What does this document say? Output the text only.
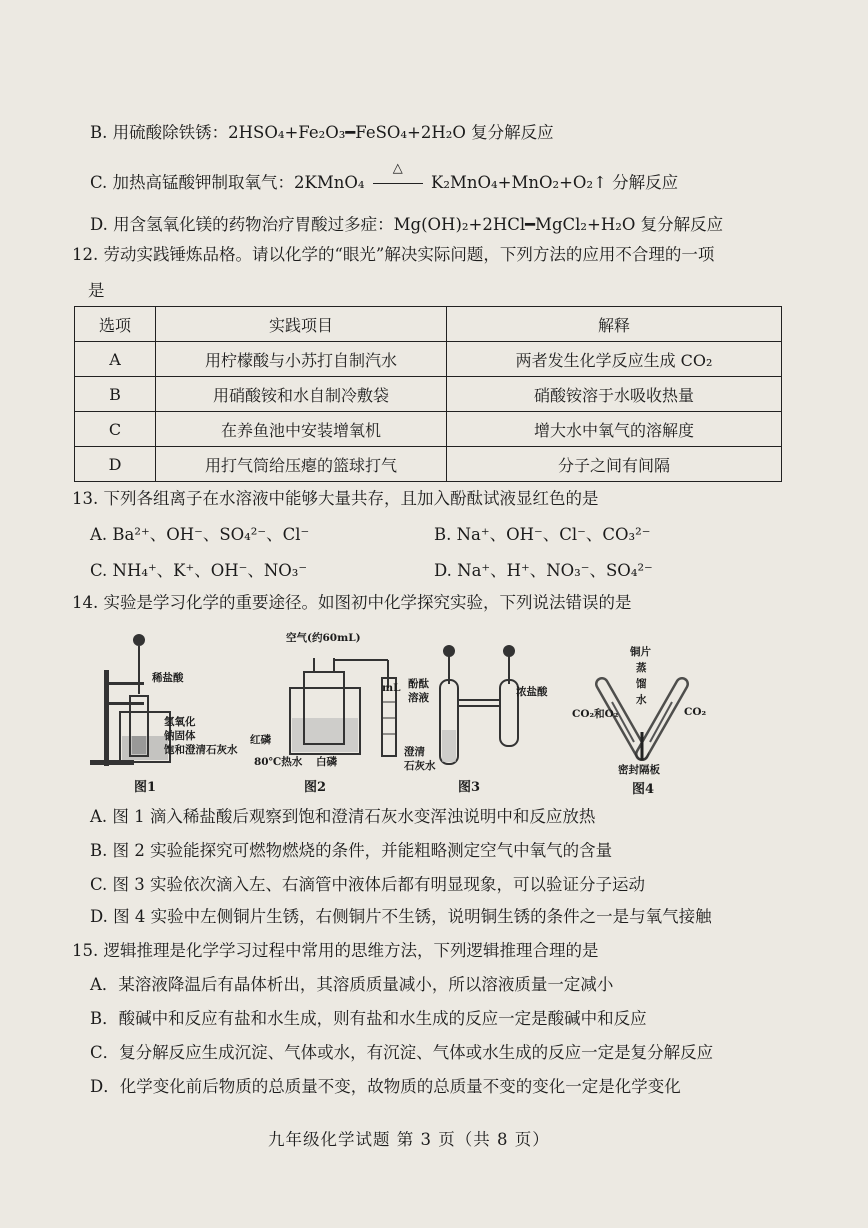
B. 用硫酸除铁锈：2HSO₄+Fe₂O₃━FeSO₄+2H₂O 复分解反应
C. 加热高锰酸钾制取氧气：2KMnO₄
△
K₂MnO₄+MnO₂+O₂↑ 分解反应
D. 用含氢氧化镁的药物治疗胃酸过多症：Mg(OH)₂+2HCl━MgCl₂+H₂O 复分解反应
12. 劳动实践锤炼品格。请以化学的“眼光”解决实际问题，下列方法的应用不合理的一项
是
选项	实践项目	解释
A	用柠檬酸与小苏打自制汽水	两者发生化学反应生成 CO₂
B	用硝酸铵和水自制冷敷袋	硝酸铵溶于水吸收热量
C	在养鱼池中安装增氧机	增大水中氧气的溶解度
D	用打气筒给压瘪的篮球打气	分子之间有间隔
13. 下列各组离子在水溶液中能够大量共存，且加入酚酞试液显红色的是
A. Ba²⁺、OH⁻、SO₄²⁻、Cl⁻	B. Na⁺、OH⁻、Cl⁻、CO₃²⁻
C. NH₄⁺、K⁺、OH⁻、NO₃⁻	D. Na⁺、H⁺、NO₃⁻、SO₄²⁻
14. 实验是学习化学的重要途径。如图初中化学探究实验，下列说法错误的是
稀盐酸
氢氧化
钠固体
饱和澄清石灰水
图1
空气(约60mL)
mL
红磷
80℃热水 白磷
图2
酚酞
溶液	浓盐酸
澄清
石灰水
图3
铜片
蒸
馏
水
CO₂和O₂	CO₂
密封隔板
图4
A. 图 1 滴入稀盐酸后观察到饱和澄清石灰水变浑浊说明中和反应放热
B. 图 2 实验能探究可燃物燃烧的条件，并能粗略测定空气中氧气的含量
C. 图 3 实验依次滴入左、右滴管中液体后都有明显现象，可以验证分子运动
D. 图 4 实验中左侧铜片生锈，右侧铜片不生锈，说明铜生锈的条件之一是与氧气接触
15. 逻辑推理是化学学习过程中常用的思维方法，下列逻辑推理合理的是
A．某溶液降温后有晶体析出，其溶质质量减小，所以溶液质量一定减小
B．酸碱中和反应有盐和水生成，则有盐和水生成的反应一定是酸碱中和反应
C．复分解反应生成沉淀、气体或水，有沉淀、气体或水生成的反应一定是复分解反应
D．化学变化前后物质的总质量不变，故物质的总质量不变的变化一定是化学变化
九年级化学试题 第 3 页（共 8 页）
